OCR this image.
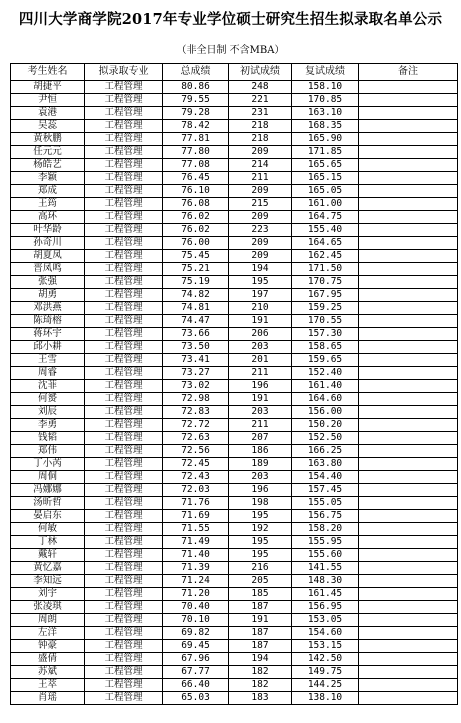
四川大学商学院2017年专业学位硕士研究生招生拟录取名单公示
（非全日制 不含MBA）
考生姓名	拟录取专业	总成绩	初试成绩	复试成绩	备注
胡捷平	工程管理	80.86	248	158.10	
尹恒	工程管理	79.55	221	170.85	
袁港	工程管理	79.28	231	163.10	
吴蕊	工程管理	78.42	218	168.35	
黄秋鹏	工程管理	77.81	218	165.90	
任元元	工程管理	77.80	209	171.85	
杨皓艺	工程管理	77.08	214	165.65	
李颖	工程管理	76.45	211	165.15	
郑成	工程管理	76.10	209	165.05	
王筠	工程管理	76.08	215	161.00	
高环	工程管理	76.02	209	164.75	
叶华龄	工程管理	76.02	223	155.40	
孙奇川	工程管理	76.00	209	164.65	
胡夏凤	工程管理	75.45	209	162.45	
晋凤鸣	工程管理	75.21	194	171.50	
张强	工程管理	75.19	195	170.75	
胡勇	工程管理	74.82	197	167.95	
邓洪燕	工程管理	74.81	210	159.25	
陈琦榕	工程管理	74.47	191	170.55	
蒋环宇	工程管理	73.66	206	157.30	
邱小耕	工程管理	73.50	203	158.65	
王雪	工程管理	73.41	201	159.65	
周睿	工程管理	73.27	211	152.40	
沈菲	工程管理	73.02	196	161.40	
何赟	工程管理	72.98	191	164.60	
刘辰	工程管理	72.83	203	156.00	
李勇	工程管理	72.72	211	150.20	
钱韬	工程管理	72.63	207	152.50	
郑伟	工程管理	72.56	186	166.25	
丁小芮	工程管理	72.45	189	163.80	
周侗	工程管理	72.43	203	154.40	
冯娜娜	工程管理	72.03	196	157.45	
汤昕哲	工程管理	71.76	198	155.05	
晏启东	工程管理	71.69	195	156.75	
何敏	工程管理	71.55	192	158.20	
丁林	工程管理	71.49	195	155.95	
戴轩	工程管理	71.40	195	155.60	
黄忆嘉	工程管理	71.39	216	141.55	
李知远	工程管理	71.24	205	148.30	
刘宇	工程管理	71.20	185	161.45	
张凌琪	工程管理	70.40	187	156.95	
周朗	工程管理	70.10	191	153.05	
左洋	工程管理	69.82	187	154.60	
钟豪	工程管理	69.45	187	153.15	
盛倩	工程管理	67.96	194	142.50	
苏斌	工程管理	67.77	182	149.75	
王萃	工程管理	66.40	182	144.25	
肖瑶	工程管理	65.03	183	138.10	
